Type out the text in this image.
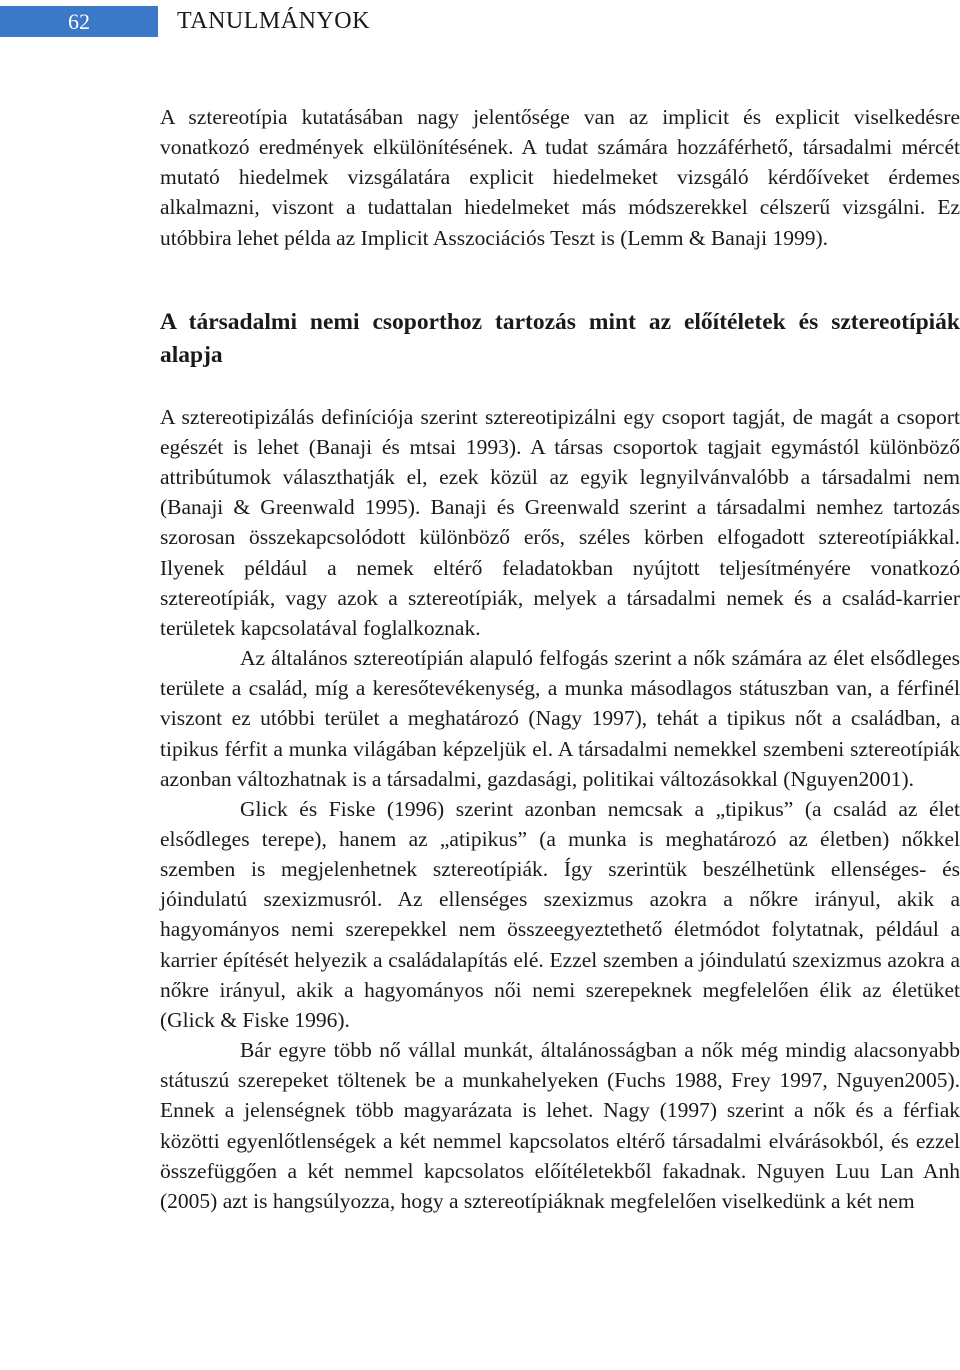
62	TANULMÁNYOK

A sztereotípia kutatásában nagy jelentősége van az implicit és explicit viselkedésre vonatkozó eredmények elkülönítésének. A tudat számára hozzáférhető, társadalmi mércét mutató hiedelmek vizsgálatára explicit hiedelmeket vizsgáló kérdőíveket érdemes alkalmazni, viszont a tudattalan hiedelmeket más módszerekkel célszerű vizsgálni. Ez utóbbira lehet példa az Implicit Asszociációs Teszt is (Lemm & Banaji 1999).

A társadalmi nemi csoporthoz tartozás mint az előítéletek és sztereotípiák alapja

A sztereotipizálás definíciója szerint sztereotipizálni egy csoport tagját, de magát a csoport egészét is lehet (Banaji és mtsai 1993). A társas csoportok tagjait egymástól különböző attribútumok választhatják el, ezek közül az egyik legnyilvánvalóbb a társadalmi nem (Banaji & Greenwald 1995). Banaji és Greenwald szerint a társadalmi nemhez tartozás szorosan összekapcsolódott különböző erős, széles körben elfogadott sztereotípiákkal. Ilyenek például a nemek eltérő feladatokban nyújtott teljesítményére vonatkozó sztereotípiák, vagy azok a sztereotípiák, melyek a társadalmi nemek és a család-karrier területek kapcsolatával foglalkoznak.

Az általános sztereotípián alapuló felfogás szerint a nők számára az élet elsődleges területe a család, míg a keresőtevékenység, a munka másodlagos státuszban van, a férfinél viszont ez utóbbi terület a meghatározó (Nagy 1997), tehát a tipikus nőt a családban, a tipikus férfit a munka világában képzeljük el. A társadalmi nemekkel szembeni sztereotípiák azonban változhatnak is a társadalmi, gazdasági, politikai változásokkal (Nguyen2001).

Glick és Fiske (1996) szerint azonban nemcsak a „tipikus” (a család az élet elsődleges terepe), hanem az „atipikus” (a munka is meghatározó az életben) nőkkel szemben is megjelenhetnek sztereotípiák. Így szerintük beszélhetünk ellenséges- és jóindulatú szexizmusról. Az ellenséges szexizmus azokra a nőkre irányul, akik a hagyományos nemi szerepekkel nem összeegyeztethető életmódot folytatnak, például a karrier építését helyezik a családalapítás elé. Ezzel szemben a jóindulatú szexizmus azokra a nőkre irányul, akik a hagyományos női nemi szerepeknek megfelelően élik az életüket (Glick & Fiske 1996).

Bár egyre több nő vállal munkát, általánosságban a nők még mindig alacsonyabb státuszú szerepeket töltenek be a munkahelyeken (Fuchs 1988, Frey 1997, Nguyen2005). Ennek a jelenségnek több magyarázata is lehet. Nagy (1997) szerint a nők és a férfiak közötti egyenlőtlenségek a két nemmel kapcsolatos eltérő társadalmi elvárásokból, és ezzel összefüggően a két nemmel kapcsolatos előítéletekből fakadnak. Nguyen Luu Lan Anh (2005) azt is hangsúlyozza, hogy a sztereotípiáknak megfelelően viselkedünk a két nem
